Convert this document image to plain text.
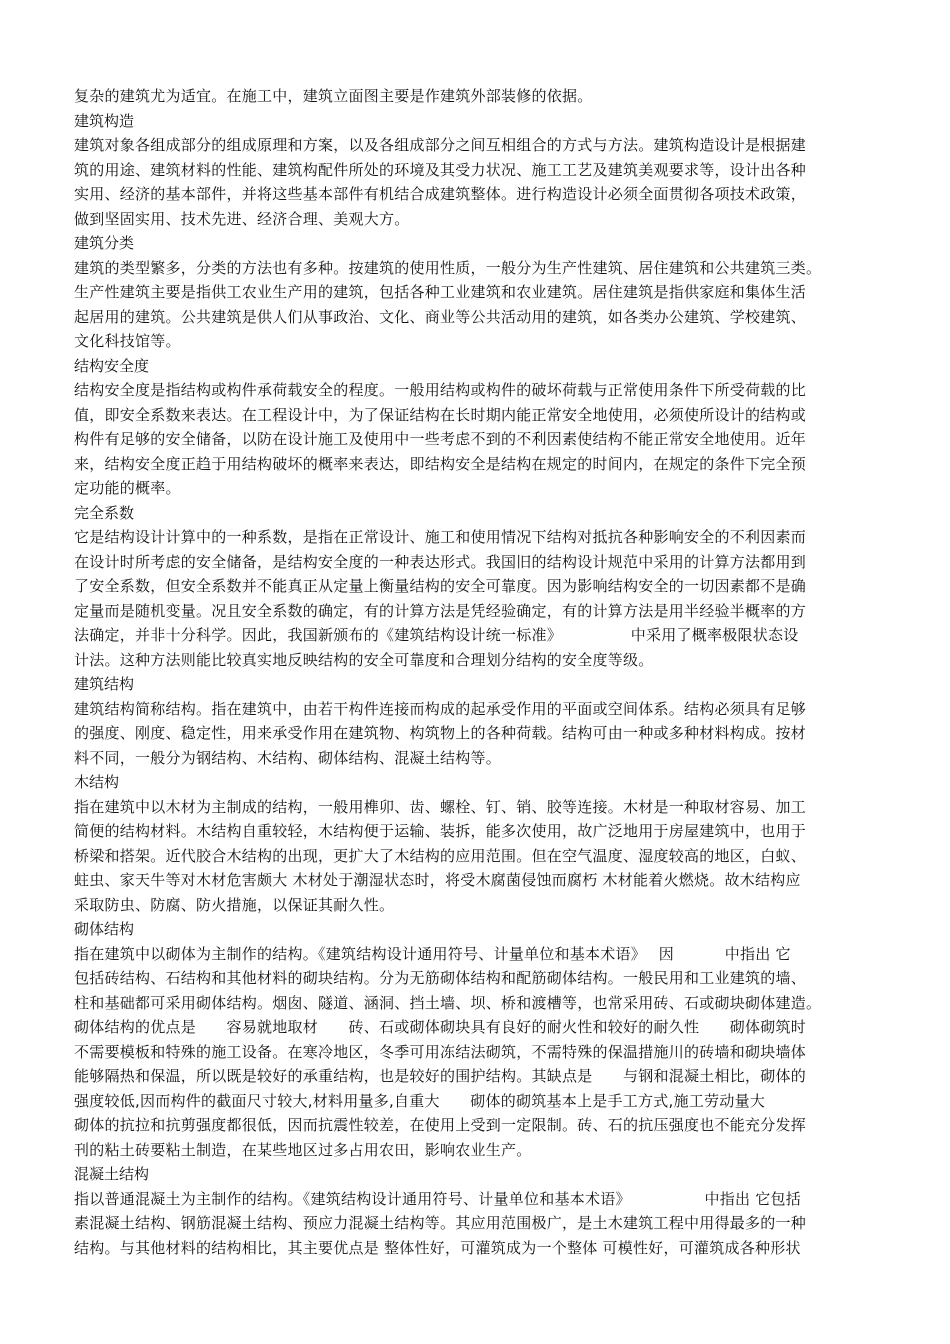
复杂的建筑尤为适宜。在施工中，建筑立面图主要是作建筑外部装修的依据。
建筑构造
建筑对象各组成部分的组成原理和方案，以及各组成部分之间互相组合的方式与方法。建筑构造设计是根据建
筑的用途、建筑材料的性能、建筑构配件所处的环境及其受力状况、施工工艺及建筑美观要求等，设计出各种
实用、经济的基本部件，并将这些基本部件有机结合成建筑整体。进行构造设计必须全面贯彻各项技术政策，
做到坚固实用、技术先进、经济合理、美观大方。
建筑分类
建筑的类型繁多，分类的方法也有多种。按建筑的使用性质，一般分为生产性建筑、居住建筑和公共建筑三类。
生产性建筑主要是指供工农业生产用的建筑，包括各种工业建筑和农业建筑。居住建筑是指供家庭和集体生活
起居用的建筑。公共建筑是供人们从事政治、文化、商业等公共活动用的建筑，如各类办公建筑、学校建筑、
文化科技馆等。
结构安全度
结构安全度是指结构或构件承荷载安全的程度。一般用结构或构件的破坏荷载与正常使用条件下所受荷载的比
值，即安全系数来表达。在工程设计中，为了保证结构在长时期内能正常安全地使用，必须使所设计的结构或
构件有足够的安全储备，以防在设计施工及使用中一些考虑不到的不利因素使结构不能正常安全地使用。近年
来，结构安全度正趋于用结构破坏的概率来表达，即结构安全是结构在规定的时间内，在规定的条件下完全预
定功能的概率。
完全系数
它是结构设计计算中的一种系数，是指在正常设计、施工和使用情况下结构对抵抗各种影响安全的不利因素而
在设计时所考虑的安全储备，是结构安全度的一种表达形式。我国旧的结构设计规范中采用的计算方法都用到
了安全系数，但安全系数并不能真正从定量上衡量结构的安全可靠度。因为影响结构安全的一切因素都不是确
定量而是随机变量。况且安全系数的确定，有的计算方法是凭经验确定，有的计算方法是用半经验半概率的方
法确定，并非十分科学。因此，我国新颁布的《建筑结构设计统一标准》　　　　　中采用了概率极限状态设
计法。这种方法则能比较真实地反映结构的安全可靠度和合理划分结构的安全度等级。
建筑结构
建筑结构简称结构。指在建筑中，由若干构件连接而构成的起承受作用的平面或空间体系。结构必须具有足够
的强度、刚度、稳定性，用来承受作用在建筑物、构筑物上的各种荷载。结构可由一种或多种材料构成。按材
料不同，一般分为钢结构、木结构、砌体结构、混凝土结构等。
木结构
指在建筑中以木材为主制成的结构，一般用榫卯、齿、螺栓、钉、销、胶等连接。木材是一种取材容易、加工
简便的结构材料。木结构自重较轻，木结构便于运输、装拆，能多次使用，故广泛地用于房屋建筑中，也用于
桥梁和搭架。近代胶合木结构的出现，更扩大了木结构的应用范围。但在空气温度、湿度较高的地区，白蚁、
蛀虫、家天牛等对木材危害颇大 木材处于潮湿状态时，将受木腐菌侵蚀而腐朽 木材能着火燃烧。故木结构应
采取防虫、防腐、防火措施，以保证其耐久性。
砌体结构
指在建筑中以砌体为主制作的结构。《建筑结构设计通用符号、计量单位和基本术语》　 因　　　 中指出 它
包括砖结构、石结构和其他材料的砌块结构。分为无筋砌体结构和配筋砌体结构。一般民用和工业建筑的墙、
柱和基础都可采用砌体结构。烟囱、隧道、涵洞、挡土墙、坝、桥和渡槽等，也常采用砖、石或砌块砌体建造。
砌体结构的优点是　　容易就地取材　　砖、石或砌体砌块具有良好的耐火性和较好的耐久性　　砌体砌筑时
不需要模板和特殊的施工设备。在寒冷地区，冬季可用冻结法砌筑，不需特殊的保温措施川的砖墙和砌块墙体
能够隔热和保温，所以既是较好的承重结构，也是较好的围护结构。其缺点是　　与钢和混凝土相比，砌体的
强度较低,因而构件的截面尺寸较大,材料用量多,自重大　　砌体的砌筑基本上是手工方式,施工劳动量大
砌体的抗拉和抗剪强度都很低，因而抗震性较差，在使用上受到一定限制。砖、石的抗压强度也不能充分发挥
刊的粘土砖要粘土制造，在某些地区过多占用农田，影响农业生产。
混凝土结构
指以普通混凝土为主制作的结构。《建筑结构设计通用符号、计量单位和基本术语》　　　　　 中指出 它包括
素混凝土结构、钢筋混凝土结构、预应力混凝土结构等。其应用范围极广，是土木建筑工程中用得最多的一种
结构。与其他材料的结构相比，其主要优点是 整体性好，可灌筑成为一个整体 可模性好，可灌筑成各种形状
